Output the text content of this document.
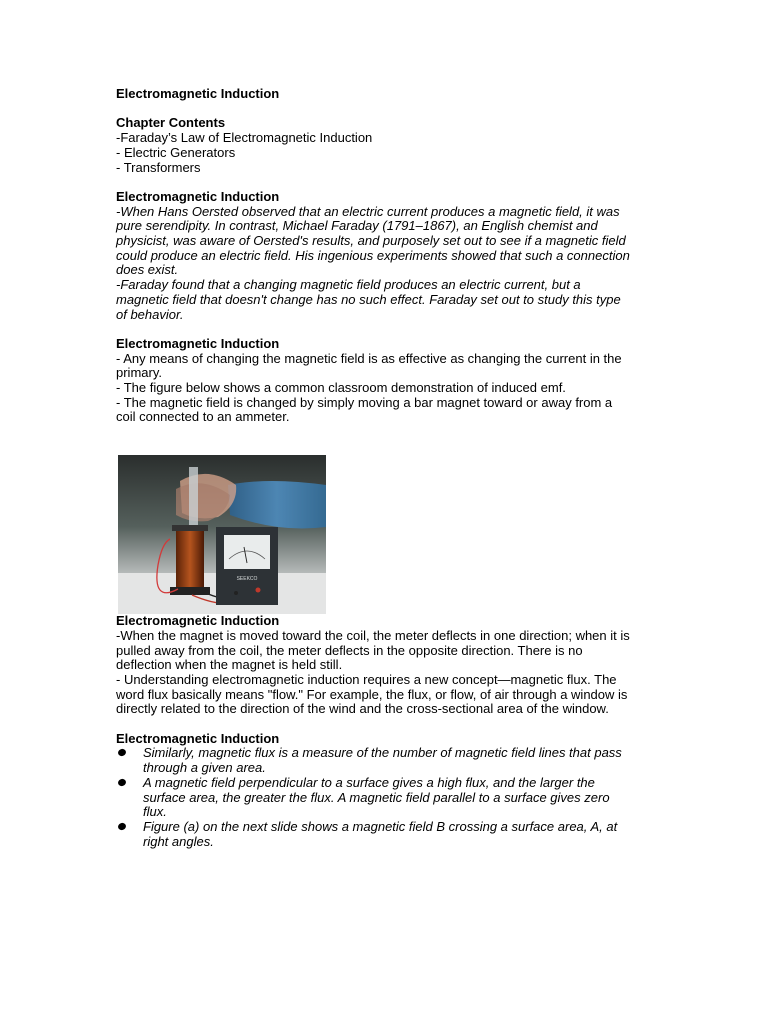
Electromagnetic Induction
Chapter Contents
-Faraday’s Law of Electromagnetic Induction
- Electric Generators
- Transformers
Electromagnetic Induction
-When Hans Oersted observed that an electric current produces a magnetic field, it was
pure serendipity. In contrast, Michael Faraday (1791–1867), an English chemist and
physicist, was aware of Oersted's results, and purposely set out to see if a magnetic field
could produce an electric field. His ingenious experiments showed that such a connection
does exist.
-Faraday found that a changing magnetic field produces an electric current, but a
magnetic field that doesn't change has no such effect. Faraday set out to study this type
of behavior.
Electromagnetic Induction
- Any means of changing the magnetic field is as effective as changing the current in the
primary.
- The figure below shows a common classroom demonstration of induced emf.
- The magnetic field is changed by simply moving a bar magnet toward or away from a
coil connected to an ammeter.
SEEKCO
Electromagnetic Induction
-When the magnet is moved toward the coil, the meter deflects in one direction; when it is
pulled away from the coil, the meter deflects in the opposite direction. There is no
deflection when the magnet is held still.
- Understanding electromagnetic induction requires a new concept—magnetic flux. The
word flux basically means "flow." For example, the flux, or flow, of air through a window is
directly related to the direction of the wind and the cross-sectional area of the window.
Electromagnetic Induction
Similarly, magnetic flux is a measure of the number of magnetic field lines that pass
through a given area.
A magnetic field perpendicular to a surface gives a high flux, and the larger the
surface area, the greater the flux. A magnetic field parallel to a surface gives zero
flux.
Figure (a) on the next slide shows a magnetic field B crossing a surface area, A, at
right angles.
